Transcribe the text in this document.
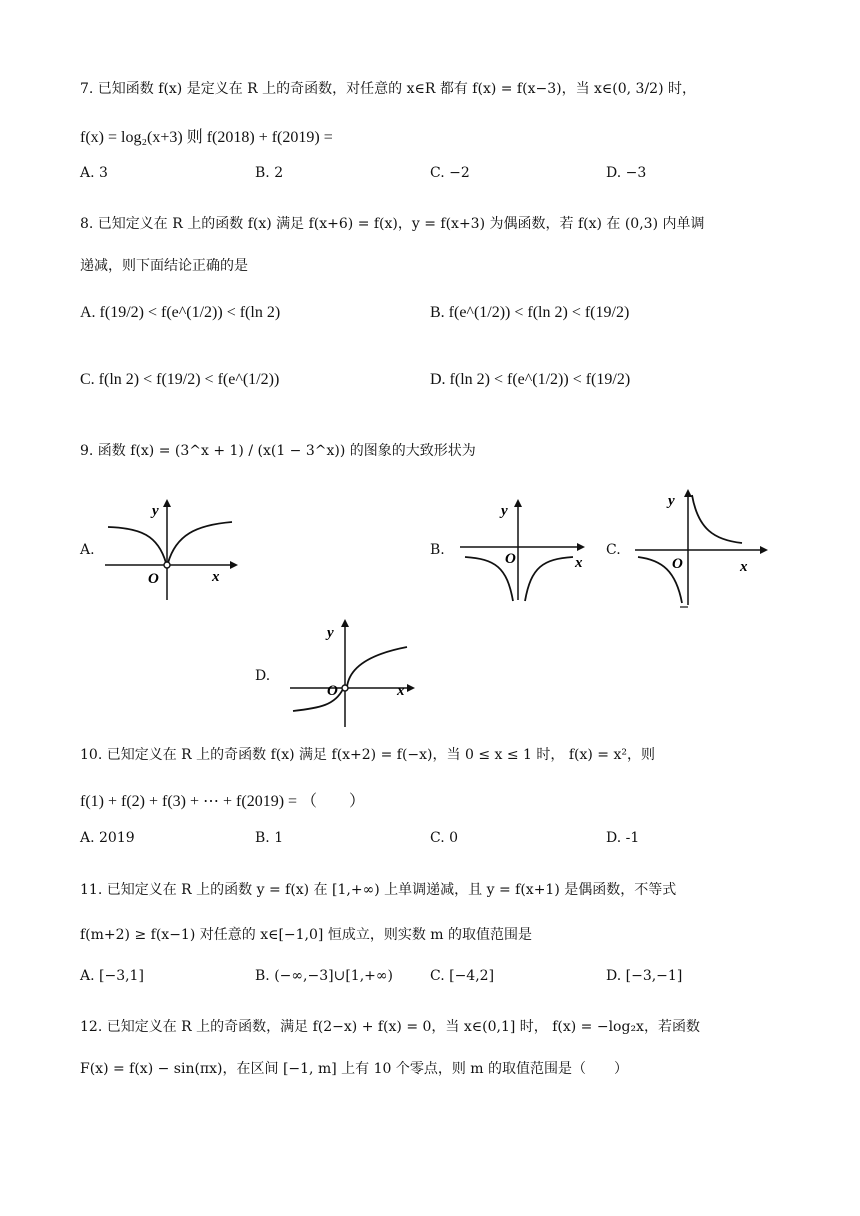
7. 已知函数 f(x) 是定义在 R 上的奇函数，对任意的 x∈R 都有 f(x) = f(x−3)，当 x∈(0, 3/2) 时，
f(x) = log₂(x+3) 则 f(2018) + f(2019) =
A. 3	B. 2	C. −2	D. −3
8. 已知定义在 R 上的函数 f(x) 满足 f(x+6) = f(x)，y = f(x+3) 为偶函数，若 f(x) 在 (0,3) 内单调
递减，则下面结论正确的是
A. f(19/2) < f(e^(1/2)) < f(ln 2)	B. f(e^(1/2)) < f(ln 2) < f(19/2)
C. f(ln 2) < f(19/2) < f(e^(1/2))	D. f(ln 2) < f(e^(1/2)) < f(19/2)
9. 函数 f(x) = (3^x + 1) / (x(1 − 3^x)) 的图象的大致形状为
A.
y
x
O
B.
y
x
O
C.
y
x
O
D.
y
x
O
10. 已知定义在 R 上的奇函数 f(x) 满足 f(x+2) = f(−x)，当 0 ≤ x ≤ 1 时， f(x) = x²，则
f(1) + f(2) + f(3) + ⋯ + f(2019) = （　　）
A. 2019	B. 1	C. 0	D. -1
11. 已知定义在 R 上的函数 y = f(x) 在 [1,+∞) 上单调递减，且 y = f(x+1) 是偶函数，不等式
f(m+2) ≥ f(x−1) 对任意的 x∈[−1,0] 恒成立，则实数 m 的取值范围是
A. [−3,1]	B. (−∞,−3]∪[1,+∞)	C. [−4,2]	D. [−3,−1]
12. 已知定义在 R 上的奇函数，满足 f(2−x) + f(x) = 0，当 x∈(0,1] 时， f(x) = −log₂x，若函数
F(x) = f(x) − sin(πx)，在区间 [−1, m] 上有 10 个零点，则 m 的取值范围是（　　）
